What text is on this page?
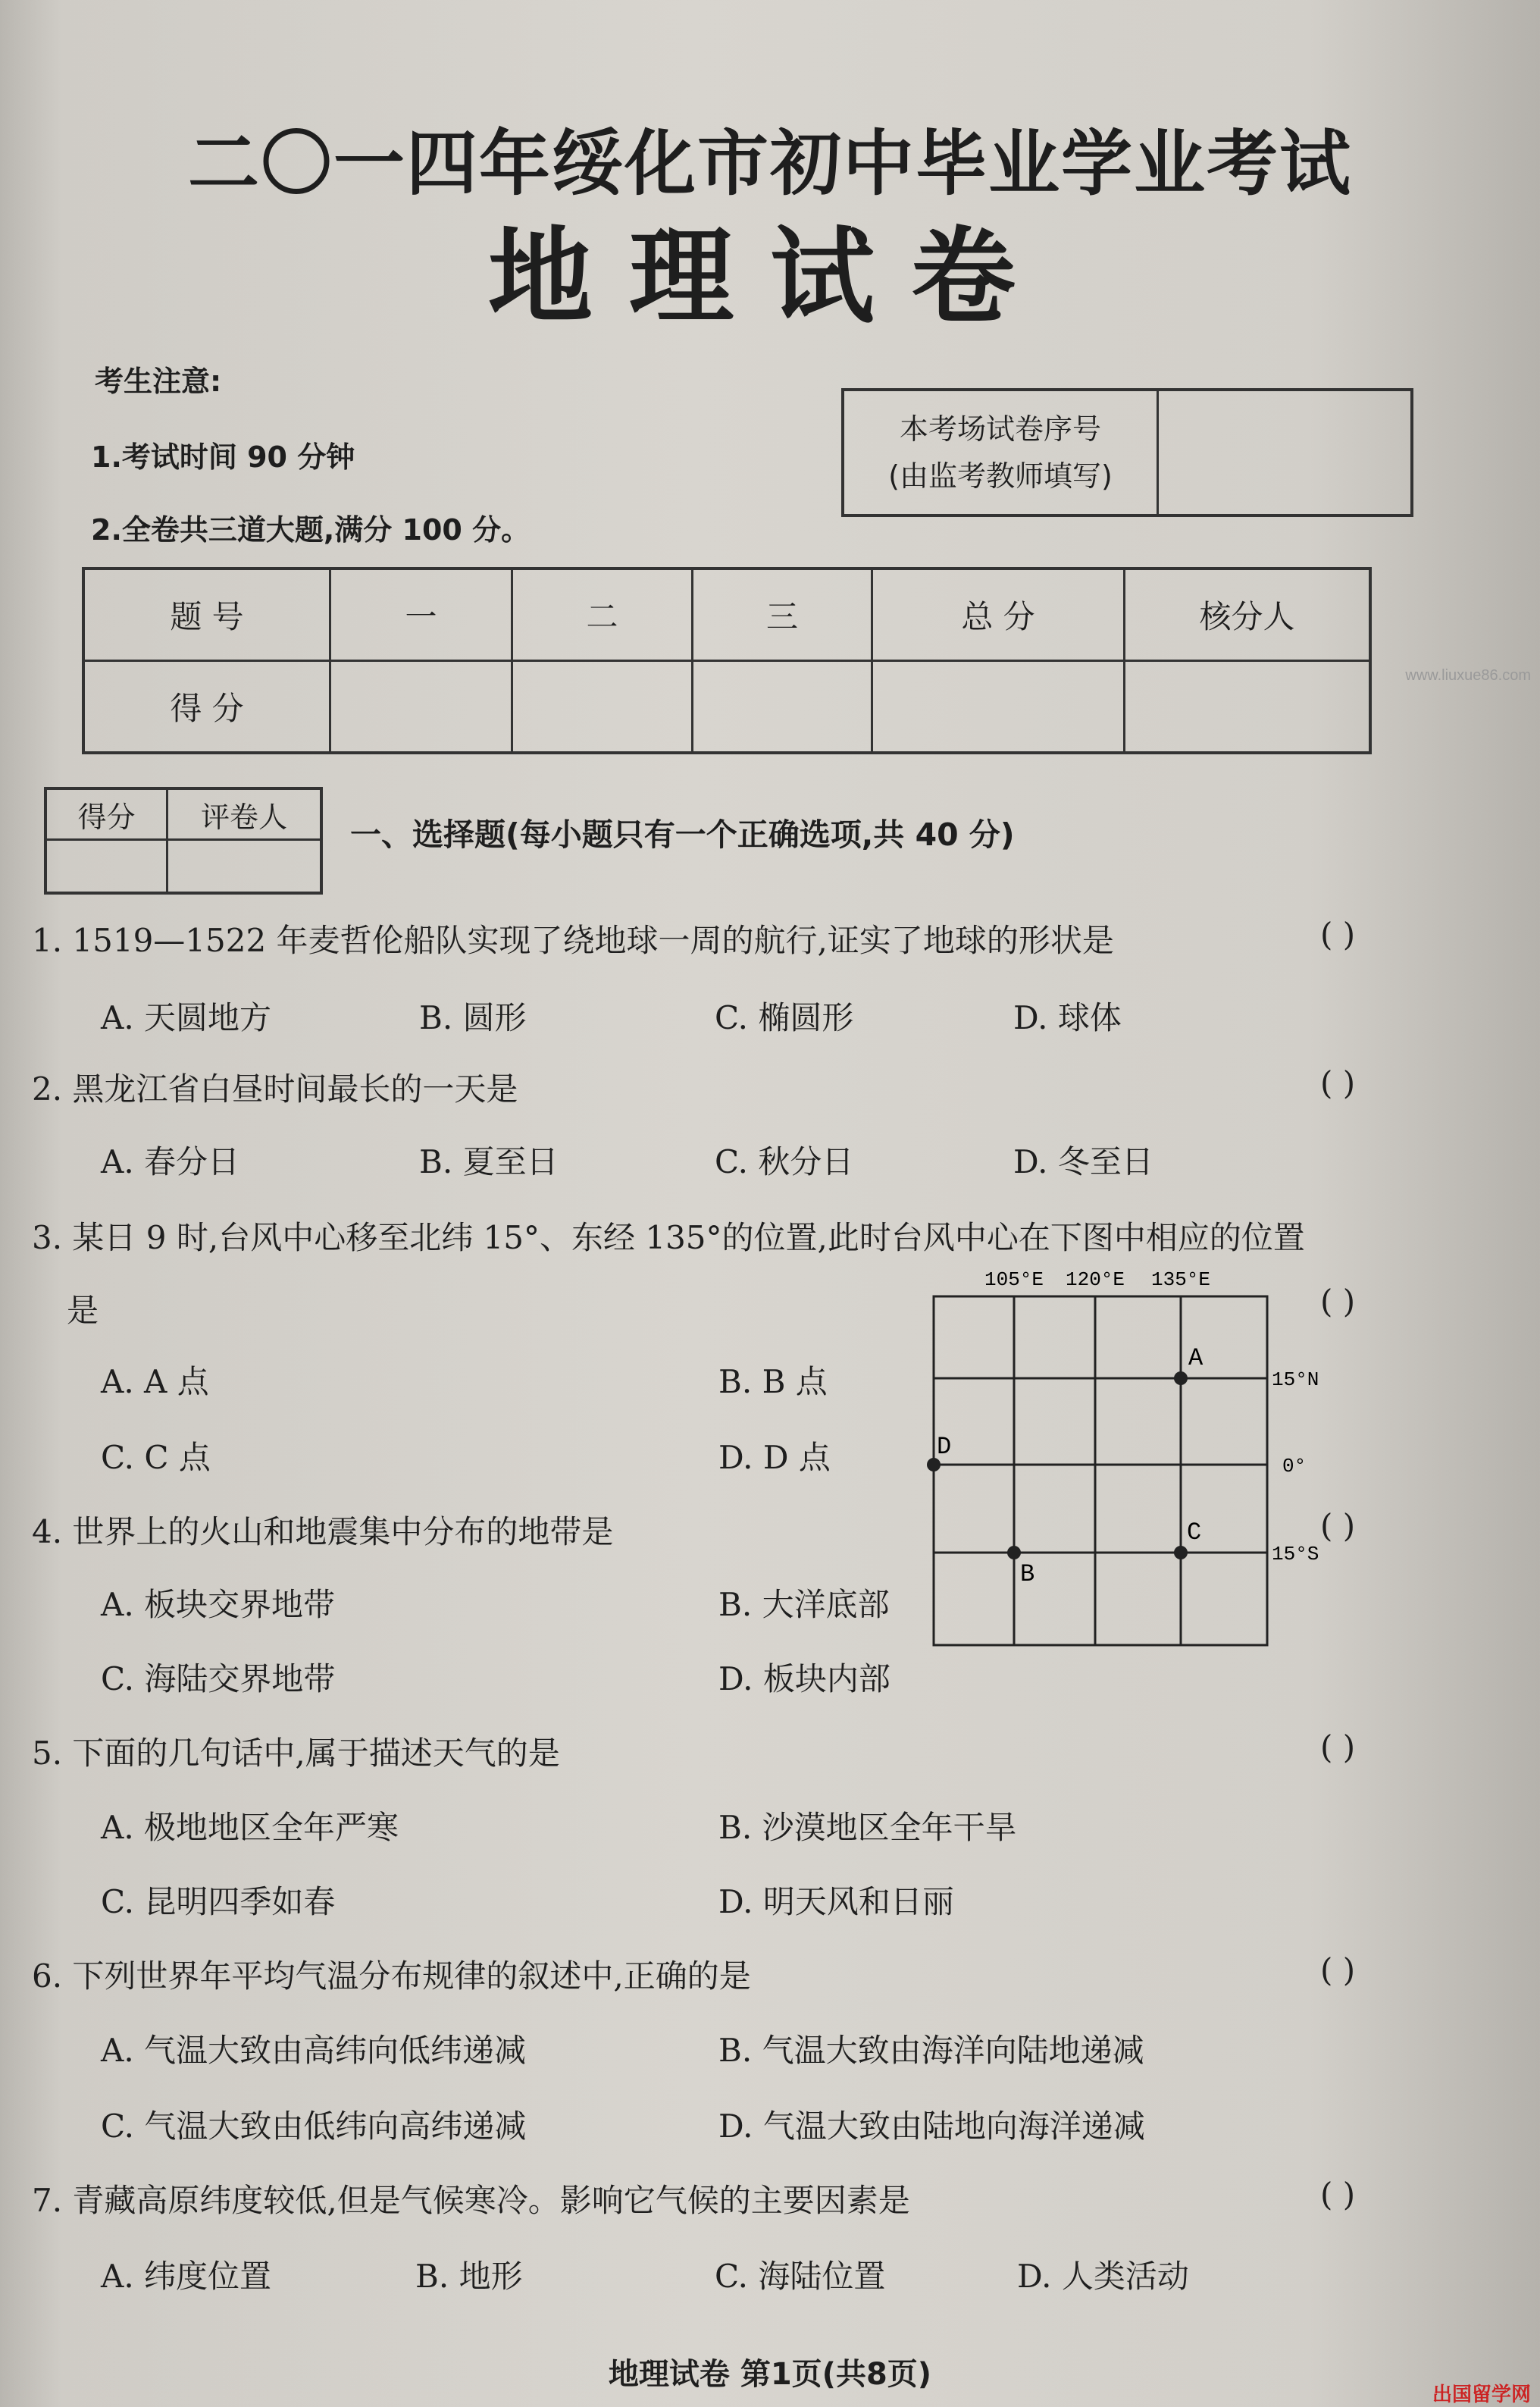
二〇一四年绥化市初中毕业学业考试
地理试卷
考生注意:
1.考试时间 90 分钟
2.全卷共三道大题,满分 100 分。
本考场试卷序号
(由监考教师填写)

题 号	一	二	三	总 分	核分人
得 分					
得分	评卷人
	一、选择题(每小题只有一个正确选项,共 40 分)
1. 1519—1522 年麦哲伦船队实现了绕地球一周的航行,证实了地球的形状是	( )
A. 天圆地方	B. 圆形	C. 椭圆形	D. 球体
2. 黑龙江省白昼时间最长的一天是	( )
A. 春分日	B. 夏至日	C. 秋分日	D. 冬至日
3. 某日 9 时,台风中心移至北纬 15°、东经 135°的位置,此时台风中心在下图中相应的位置
是	( )
A. A 点	B. B 点
C. C 点	D. D 点
105°E 120°E 135°E
15°N
0°
15°S
A
B
C
D
4. 世界上的火山和地震集中分布的地带是	( )
A. 板块交界地带	B. 大洋底部
C. 海陆交界地带	D. 板块内部
5. 下面的几句话中,属于描述天气的是	( )
A. 极地地区全年严寒	B. 沙漠地区全年干旱
C. 昆明四季如春	D. 明天风和日丽
6. 下列世界年平均气温分布规律的叙述中,正确的是	( )
A. 气温大致由高纬向低纬递减	B. 气温大致由海洋向陆地递减
C. 气温大致由低纬向高纬递减	D. 气温大致由陆地向海洋递减
7. 青藏高原纬度较低,但是气候寒冷。影响它气候的主要因素是	( )
A. 纬度位置	B. 地形	C. 海陆位置	D. 人类活动
地理试卷 第1页(共8页)
www.liuxue86.com
出国留学网
